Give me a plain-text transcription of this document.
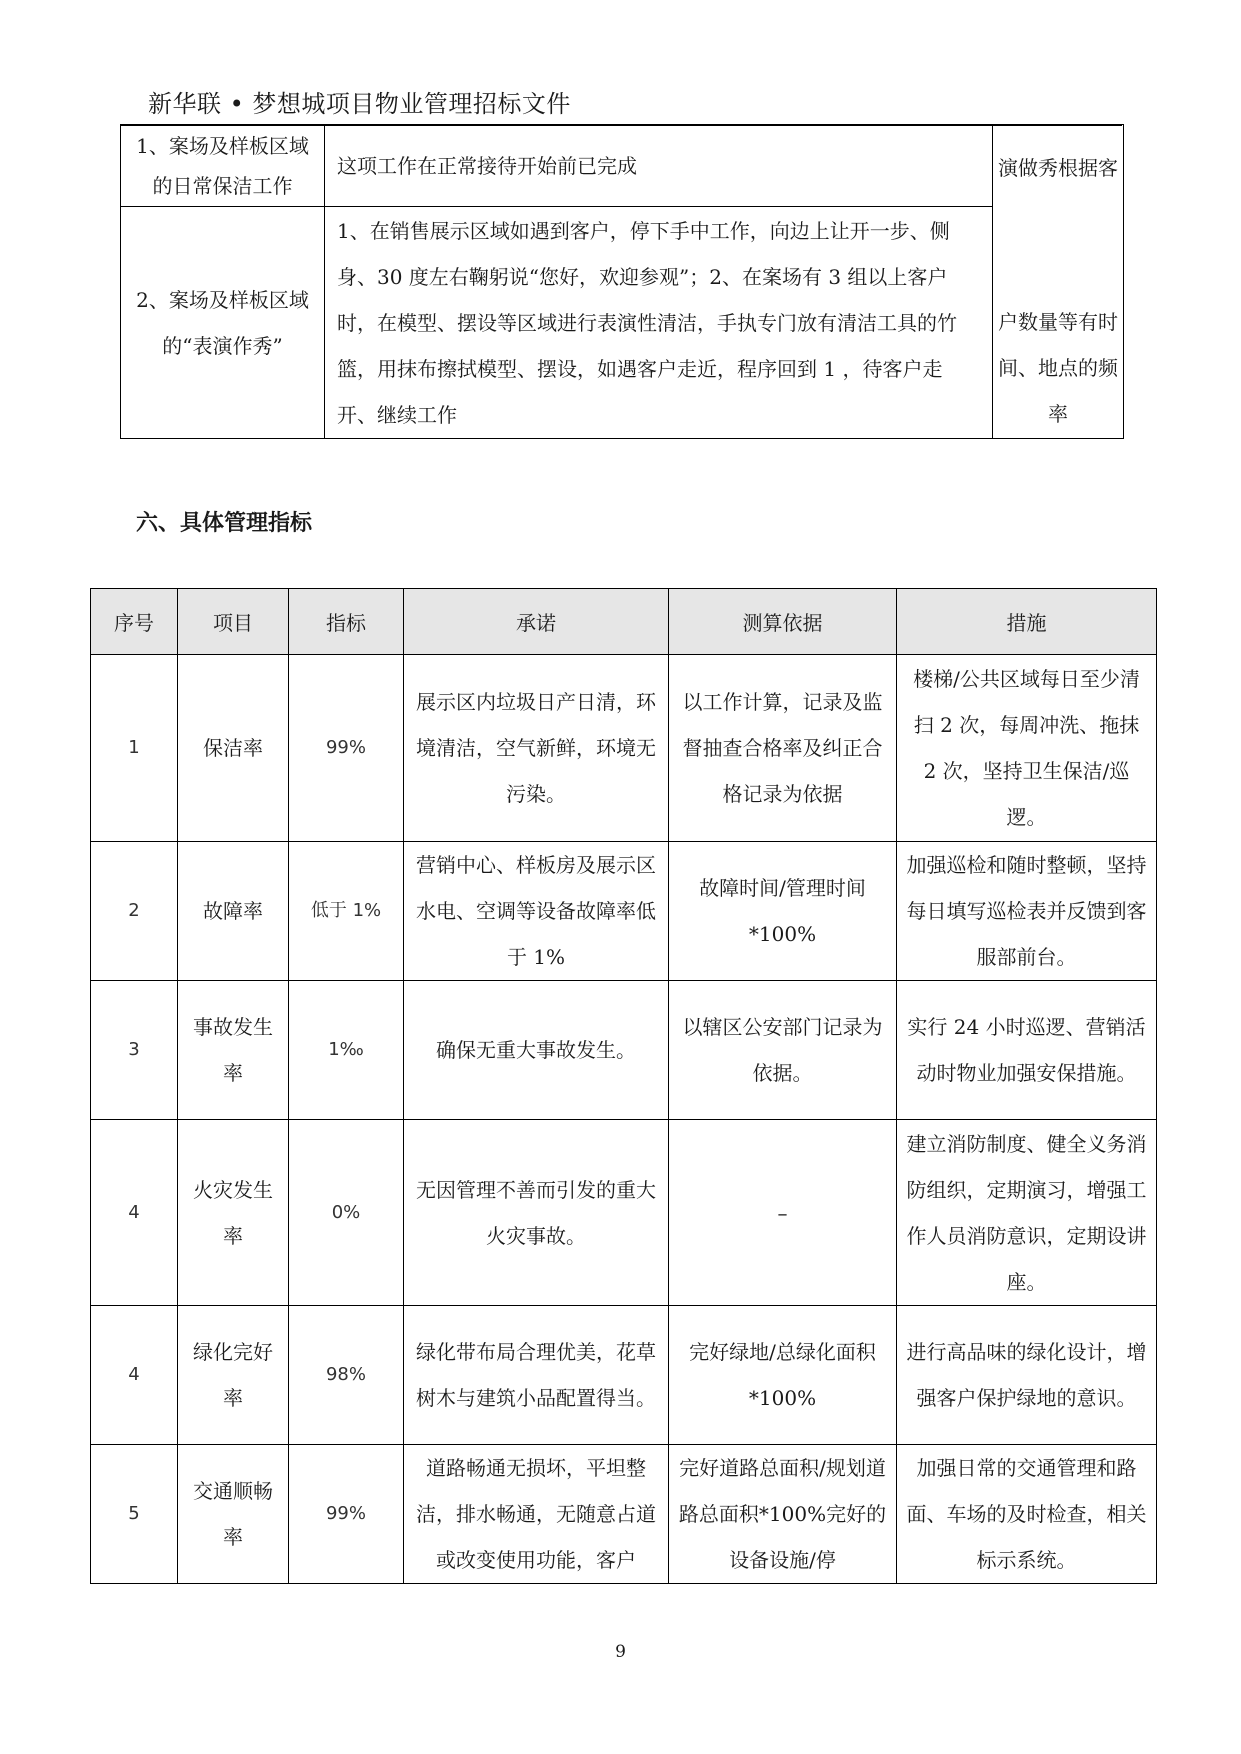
新华联 • 梦想城项目物业管理招标文件
1、案场及样板区域的日常保洁工作	这项工作在正常接待开始前已完成	演做秀根据客
户数量等有时间、地点的频率

2、案场及样板区域的“表演作秀”	1、在销售展示区域如遇到客户，停下手中工作，向边上让开一步、侧身、30 度左右鞠躬说“您好，欢迎参观”；2、在案场有 3 组以上客户时，在模型、摆设等区域进行表演性清洁，手执专门放有清洁工具的竹篮，用抹布擦拭模型、摆设，如遇客户走近，程序回到 1 ，待客户走开、继续工作	
六、具体管理指标
序号	项目	指标	承诺	测算依据	措施
1	保洁率	99%	展示区内垃圾日产日清，环境清洁，空气新鲜，环境无污染。	以工作计算，记录及监督抽查合格率及纠正合格记录为依据	楼梯/公共区域每日至少清扫 2 次，每周冲洗、拖抹 2 次，坚持卫生保洁/巡逻。
2	故障率	低于 1%	营销中心、样板房及展示区水电、空调等设备故障率低于 1%	故障时间/管理时间*100%	加强巡检和随时整顿，坚持每日填写巡检表并反馈到客服部前台。
3	事故发生率	1‰	确保无重大事故发生。	以辖区公安部门记录为依据。	实行 24 小时巡逻、营销活动时物业加强安保措施。
4	火灾发生率	0%	无因管理不善而引发的重大火灾事故。	–	建立消防制度、健全义务消防组织，定期演习，增强工作人员消防意识，定期设讲座。
4	绿化完好率	98%	绿化带布局合理优美，花草树木与建筑小品配置得当。	完好绿地/总绿化面积*100%	进行高品味的绿化设计，增强客户保护绿地的意识。
5	交通顺畅率	99%	道路畅通无损坏，平坦整洁，排水畅通，无随意占道或改变使用功能，客户	完好道路总面积/规划道路总面积*100%完好的设备设施/停	加强日常的交通管理和路面、车场的及时检查，相关标示系统。
9
